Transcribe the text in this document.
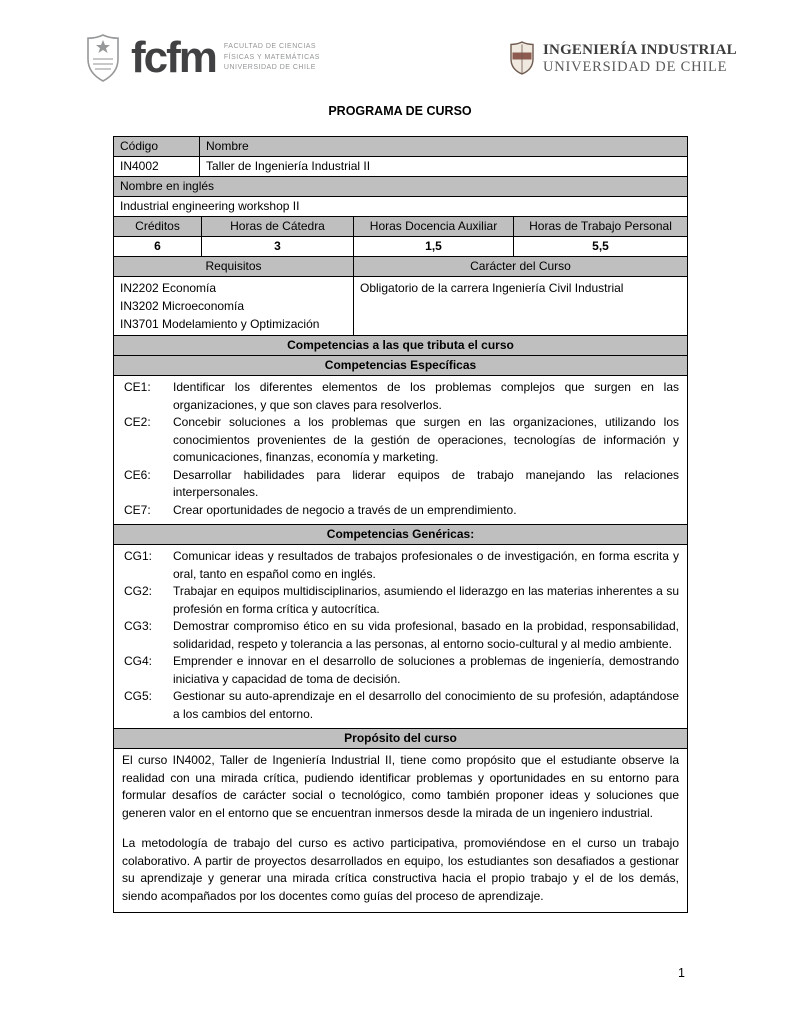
fcfm FACULTAD DE CIENCIAS
FÍSICAS Y MATEMÁTICAS
UNIVERSIDAD DE CHILE
INGENIERÍA INDUSTRIAL
UNIVERSIDAD DE CHILE
PROGRAMA DE CURSO
Código	Nombre
IN4002	Taller de Ingeniería Industrial II
Nombre en inglés
Industrial engineering workshop II
Créditos	Horas de Cátedra	Horas Docencia Auxiliar	Horas de Trabajo Personal
6	3	1,5	5,5
Requisitos	Carácter del Curso
IN2202 Economía
IN3202 Microeconomía
IN3701 Modelamiento y Optimización
Obligatorio de la carrera Ingeniería Civil Industrial
Competencias a las que tributa el curso
Competencias Específicas
CE1:	Identificar los diferentes elementos de los problemas complejos que surgen en las organizaciones, y que son claves para resolverlos.
CE2:	Concebir soluciones a los problemas que surgen en las organizaciones, utilizando los conocimientos provenientes de la gestión de operaciones, tecnologías de información y comunicaciones, finanzas, economía y marketing.
CE6:	Desarrollar habilidades para liderar equipos de trabajo manejando las relaciones interpersonales.
CE7:	Crear oportunidades de negocio a través de un emprendimiento.
Competencias Genéricas:
CG1:	Comunicar ideas y resultados de trabajos profesionales o de investigación, en forma escrita y oral, tanto en español como en inglés.
CG2:	Trabajar en equipos multidisciplinarios, asumiendo el liderazgo en las materias inherentes a su profesión en forma crítica y autocrítica.
CG3:	Demostrar compromiso ético en su vida profesional, basado en la probidad, responsabilidad, solidaridad, respeto y tolerancia a las personas, al entorno socio-cultural y al medio ambiente.
CG4:	Emprender e innovar en el desarrollo de soluciones a problemas de ingeniería, demostrando iniciativa y capacidad de toma de decisión.
CG5:	Gestionar su auto-aprendizaje en el desarrollo del conocimiento de su profesión, adaptándose a los cambios del entorno.
Propósito del curso
El curso IN4002, Taller de Ingeniería Industrial II, tiene como propósito que el estudiante observe la realidad con una mirada crítica, pudiendo identificar problemas y oportunidades en su entorno para formular desafíos de carácter social o tecnológico, como también proponer ideas y soluciones que generen valor en el entorno que se encuentran inmersos desde la mirada de un ingeniero industrial.
La metodología de trabajo del curso es activo participativa, promoviéndose en el curso un trabajo colaborativo. A partir de proyectos desarrollados en equipo, los estudiantes son desafiados a gestionar su aprendizaje y generar una mirada crítica constructiva hacia el propio trabajo y el de los demás, siendo acompañados por los docentes como guías del proceso de aprendizaje.
1
